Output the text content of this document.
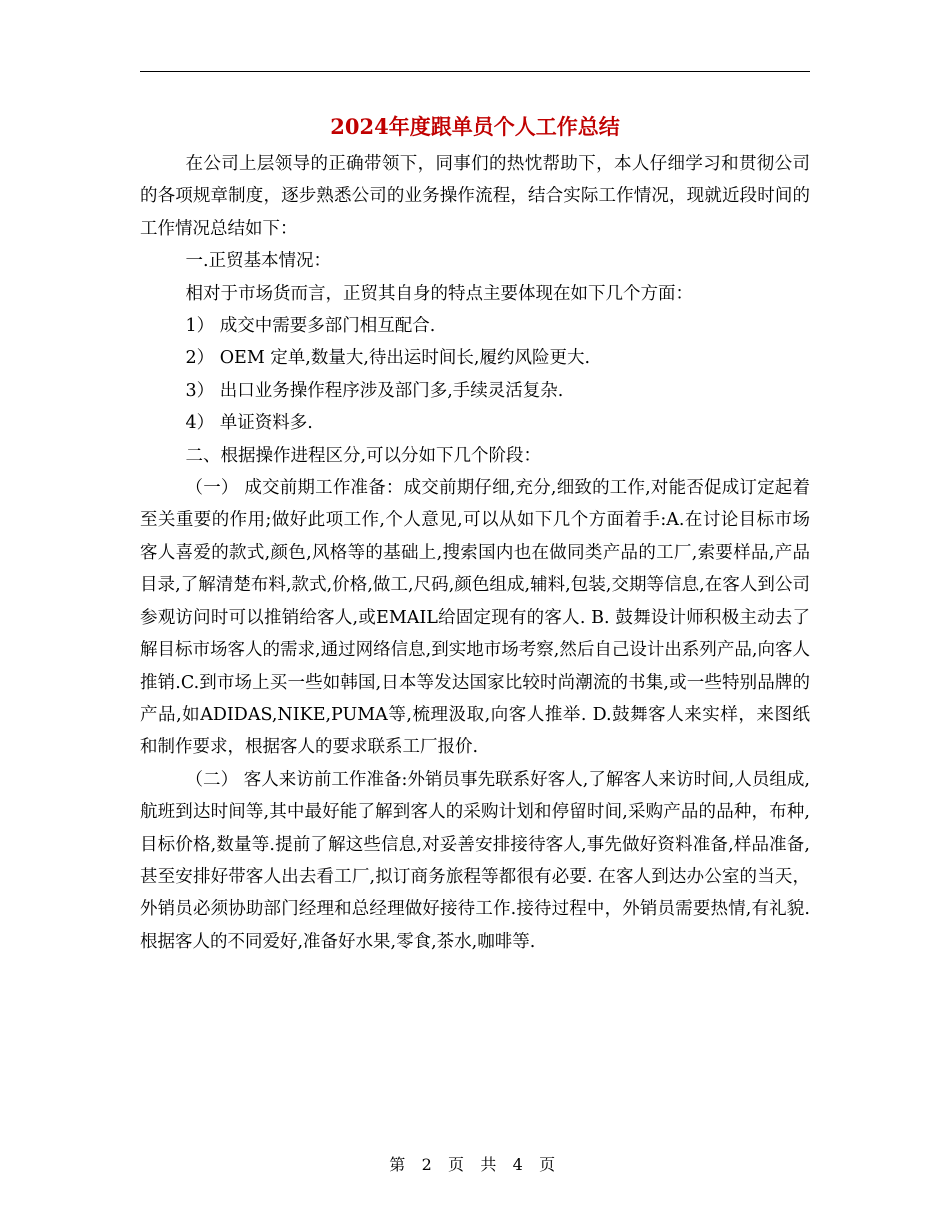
2024年度跟单员个人工作总结

在公司上层领导的正确带领下，同事们的热忱帮助下，本人仔细学习和贯彻公司的各项规章制度，逐步熟悉公司的业务操作流程，结合实际工作情况，现就近段时间的工作情况总结如下：

一.正贸基本情况：

相对于市场货而言，正贸其自身的特点主要体现在如下几个方面：

1） 成交中需要多部门相互配合.

2） OEM 定单,数量大,待出运时间长,履约风险更大.

3） 出口业务操作程序涉及部门多,手续灵活复杂.

4） 单证资料多.

二、根据操作进程区分,可以分如下几个阶段：

（一） 成交前期工作准备：成交前期仔细,充分,细致的工作,对能否促成订定起着至关重要的作用;做好此项工作,个人意见,可以从如下几个方面着手:A.在讨论目标市场客人喜爱的款式,颜色,风格等的基础上,搜索国内也在做同类产品的工厂,索要样品,产品目录,了解清楚布料,款式,价格,做工,尺码,颜色组成,辅料,包装,交期等信息,在客人到公司参观访问时可以推销给客人,或EMAIL给固定现有的客人. B. 鼓舞设计师积极主动去了解目标市场客人的需求,通过网络信息,到实地市场考察,然后自己设计出系列产品,向客人推销.C.到市场上买一些如韩国,日本等发达国家比较时尚潮流的书集,或一些特别品牌的产品,如ADIDAS,NIKE,PUMA等,梳理汲取,向客人推举. D.鼓舞客人来实样，来图纸和制作要求，根据客人的要求联系工厂报价.

（二） 客人来访前工作准备:外销员事先联系好客人,了解客人来访时间,人员组成,航班到达时间等,其中最好能了解到客人的采购计划和停留时间,采购产品的品种，布种,目标价格,数量等.提前了解这些信息,对妥善安排接待客人,事先做好资料准备,样品准备,甚至安排好带客人出去看工厂,拟订商务旅程等都很有必要. 在客人到达办公室的当天，外销员必须协助部门经理和总经理做好接待工作.接待过程中，外销员需要热情,有礼貌.根据客人的不同爱好,准备好水果,零食,茶水,咖啡等.

第 2 页 共 4 页
